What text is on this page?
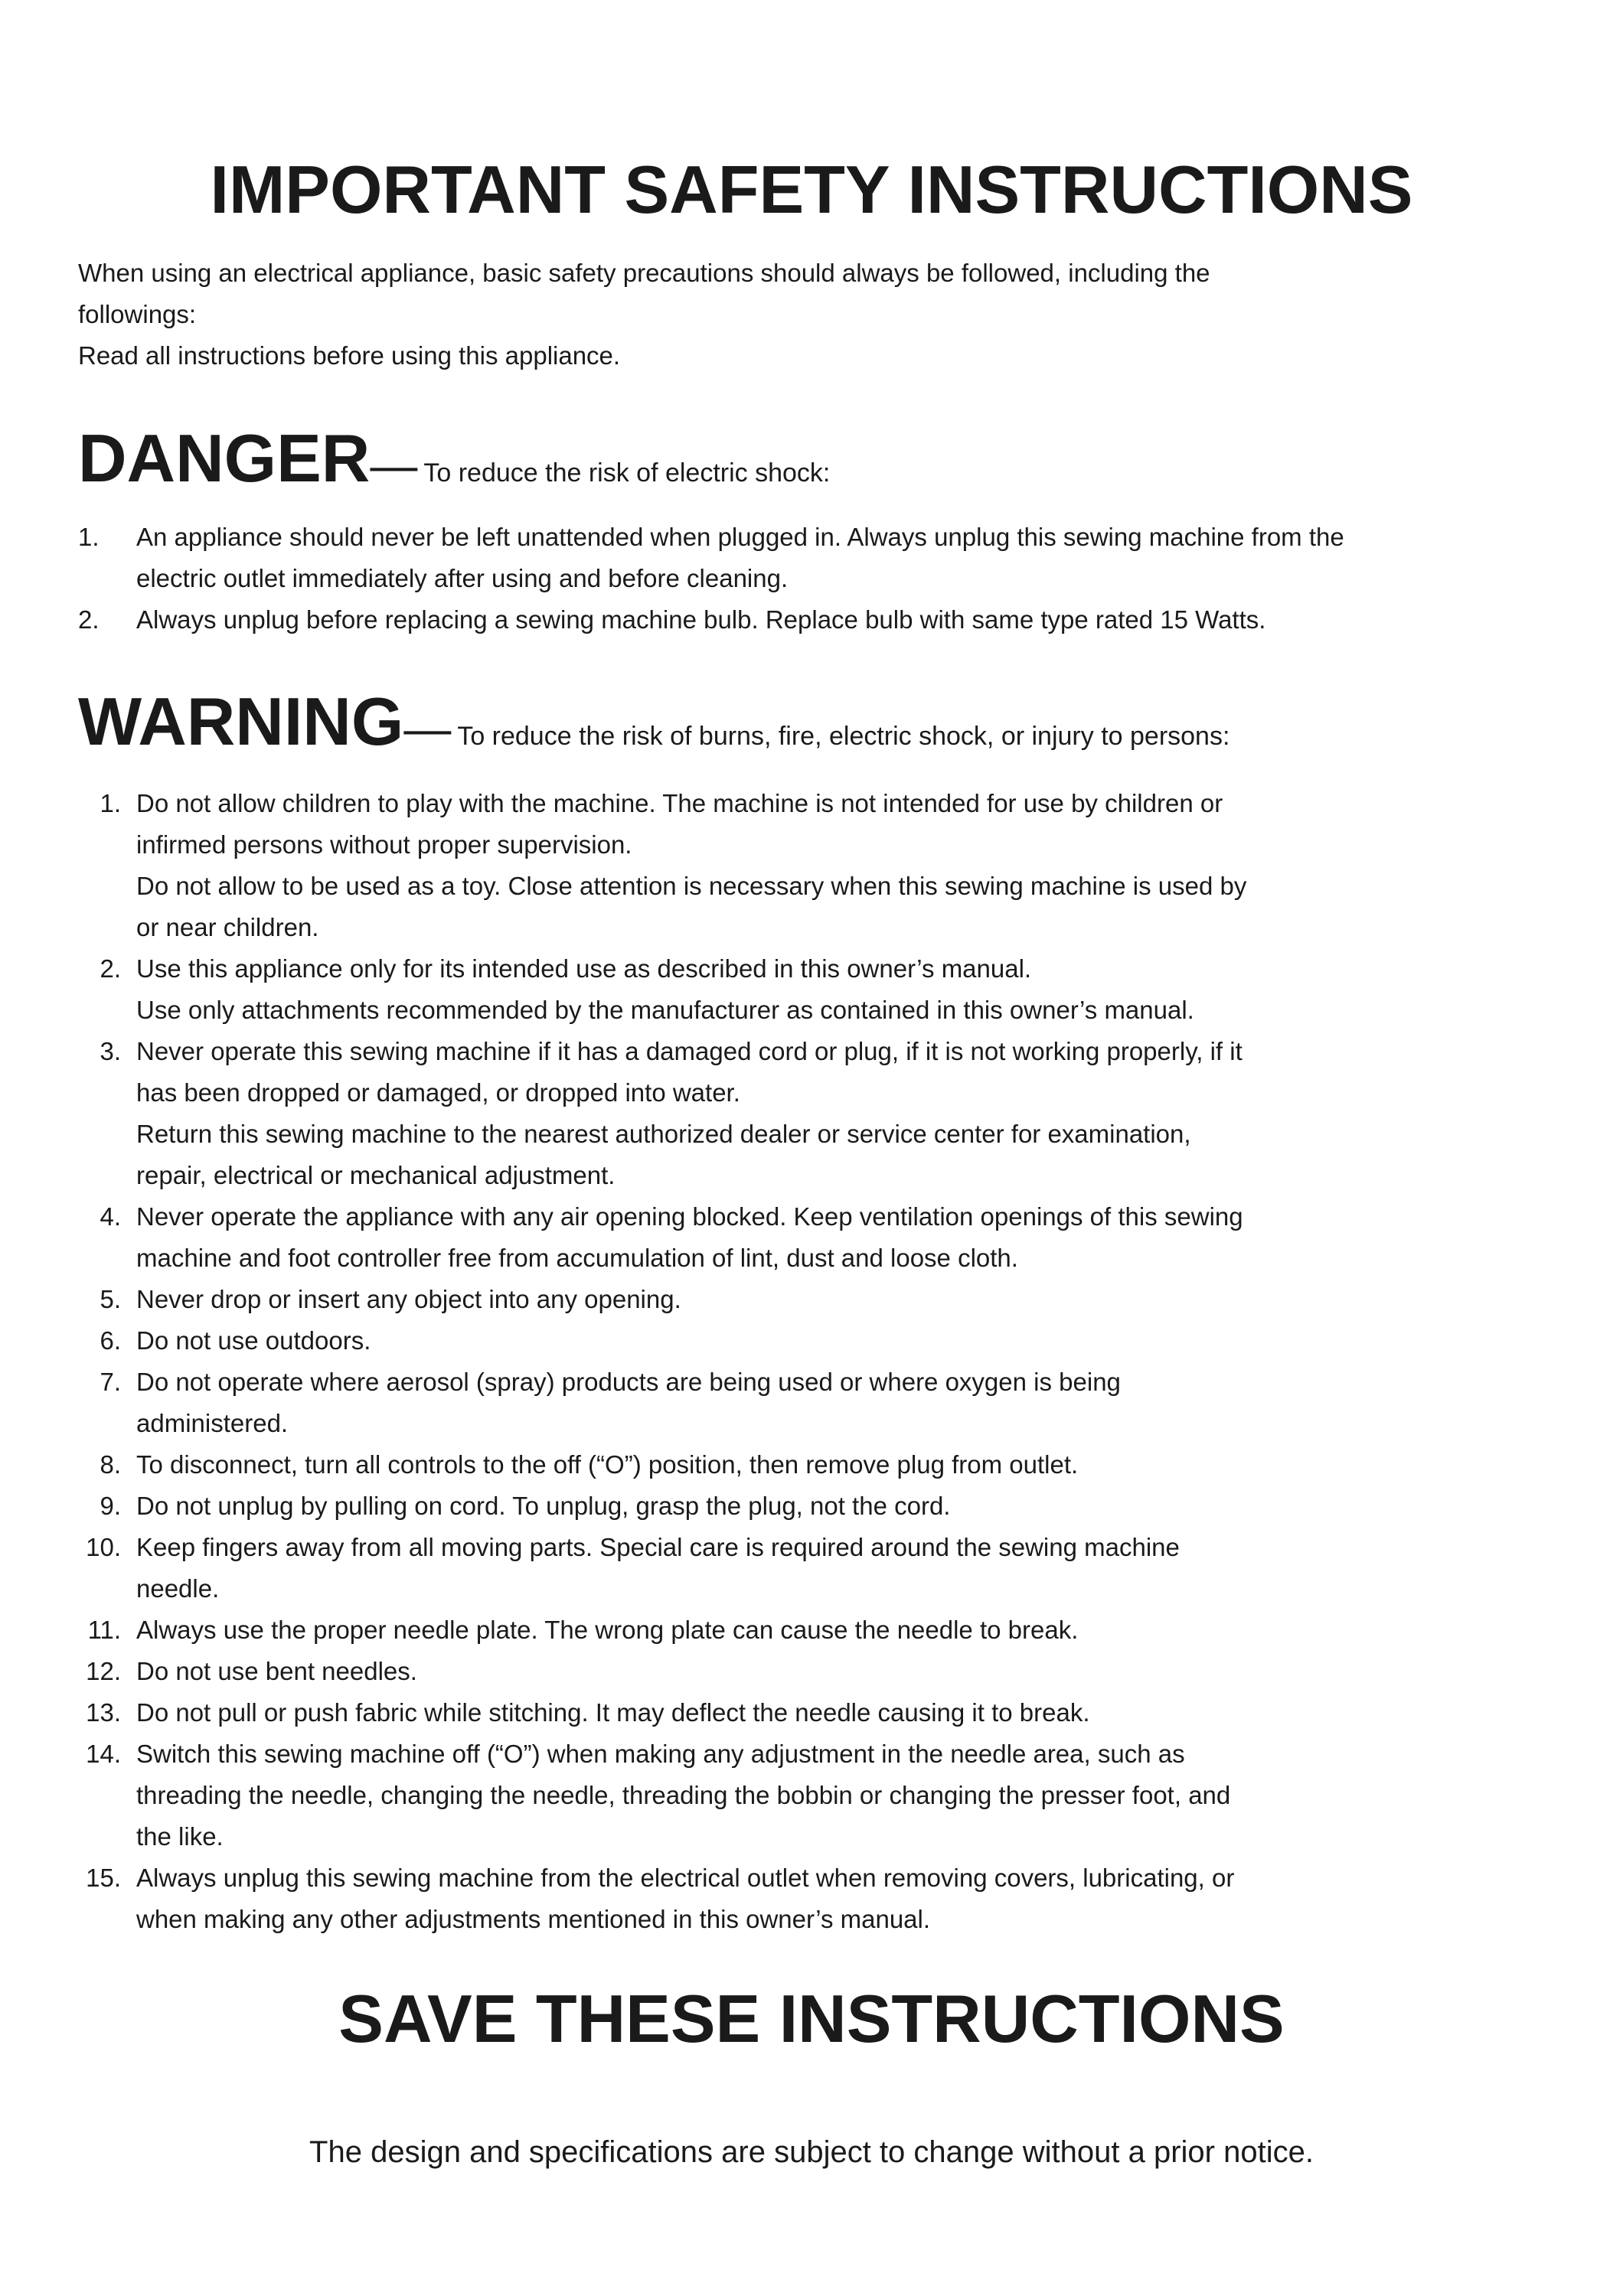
IMPORTANT SAFETY INSTRUCTIONS

When using an electrical appliance, basic safety precautions should always be followed, including the

followings:

Read all instructions before using this appliance.

DANGER— To reduce the risk of electric shock:
1.	An appliance should never be left unattended when plugged in. Always unplug this sewing machine from the
electric outlet immediately after using and before cleaning.
2.	Always unplug before replacing a sewing machine bulb. Replace bulb with same type rated 15 Watts.
WARNING— To reduce the risk of burns, fire, electric shock, or injury to persons:
1. Do not allow children to play with the machine. The machine is not intended for use by children or
infirmed persons without proper supervision.
Do not allow to be used as a toy. Close attention is necessary when this sewing machine is used by
or near children.
2. Use this appliance only for its intended use as described in this owner’s manual.
Use only attachments recommended by the manufacturer as contained in this owner’s manual.
3. Never operate this sewing machine if it has a damaged cord or plug, if it is not working properly, if it
has been dropped or damaged, or dropped into water.
Return this sewing machine to the nearest authorized dealer or service center for examination,
repair, electrical or mechanical adjustment.
4. Never operate the appliance with any air opening blocked. Keep ventilation openings of this sewing
machine and foot controller free from accumulation of lint, dust and loose cloth.
5. Never drop or insert any object into any opening.
6. Do not use outdoors.
7. Do not operate where aerosol (spray) products are being used or where oxygen is being
administered.
8. To disconnect, turn all controls to the off (“O”) position, then remove plug from outlet.
9. Do not unplug by pulling on cord. To unplug, grasp the plug, not the cord.
10. Keep fingers away from all moving parts. Special care is required around the sewing machine
needle.
11. Always use the proper needle plate. The wrong plate can cause the needle to break.
12. Do not use bent needles.
13. Do not pull or push fabric while stitching. It may deflect the needle causing it to break.
14. Switch this sewing machine off (“O”) when making any adjustment in the needle area, such as
threading the needle, changing the needle, threading the bobbin or changing the presser foot, and
the like.
15. Always unplug this sewing machine from the electrical outlet when removing covers, lubricating, or
when making any other adjustments mentioned in this owner’s manual.
SAVE THESE INSTRUCTIONS

The design and specifications are subject to change without a prior notice.
